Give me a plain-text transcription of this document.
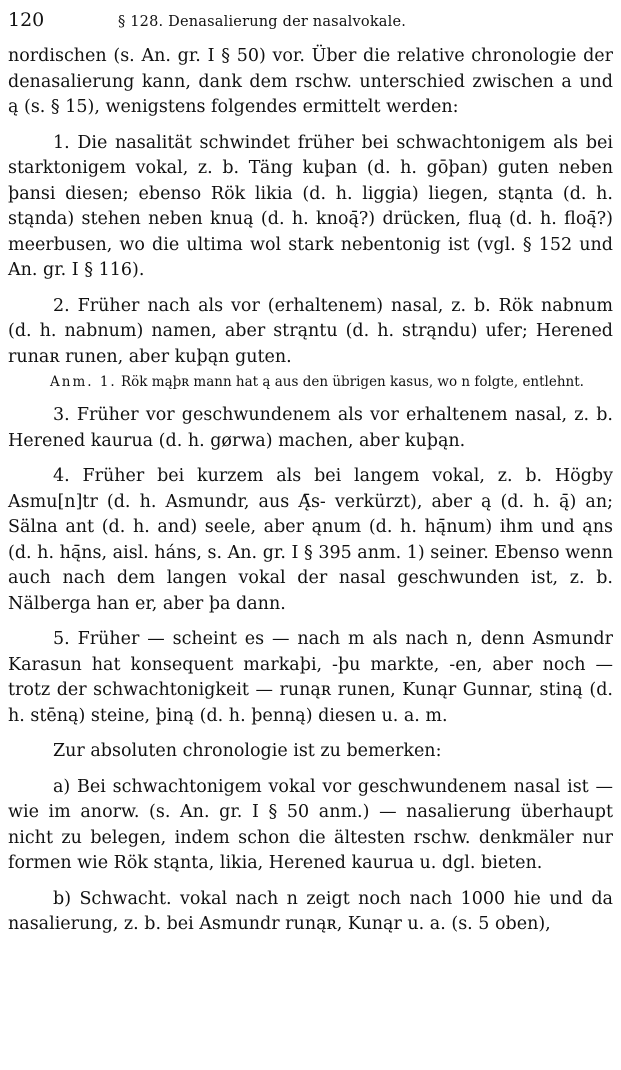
120	§ 128. Denasalierung der nasalvokale.

nordischen (s. An. gr. I § 50) vor. Über die relative chronologie der denasalierung kann, dank dem rschw. unterschied zwischen a und ą (s. § 15), wenigstens folgendes ermittelt werden:

1. Die nasalität schwindet früher bei schwachtonigem als bei starktonigem vokal, z. b. Täng kuþan (d. h. gōþan) guten neben þansi diesen; ebenso Rök likia (d. h. liggia) liegen, stąnta (d. h. stąnda) stehen neben knuą (d. h. knoą̄?) drücken, fluą (d. h. floą̄?) meerbusen, wo die ultima wol stark nebentonig ist (vgl. § 152 und An. gr. I § 116).

2. Früher nach als vor (erhaltenem) nasal, z. b. Rök nabnum (d. h. nabnum) namen, aber strąntu (d. h. strąndu) ufer; Herened runaʀ runen, aber kuþąn guten.

Anm. 1. Rök mąþʀ mann hat ą aus den übrigen kasus, wo n folgte, entlehnt.

3. Früher vor geschwundenem als vor erhaltenem nasal, z. b. Herened kaurua (d. h. gørwa) machen, aber kuþąn.

4. Früher bei kurzem als bei langem vokal, z. b. Högby Asmu[n]tr (d. h. Asmundr, aus Ą̄s- verkürzt), aber ą (d. h. ą̄) an; Sälna ant (d. h. and) seele, aber ąnum (d. h. hą̄num) ihm und ąns (d. h. hą̄ns, aisl. háns, s. An. gr. I § 395 anm. 1) seiner. Ebenso wenn auch nach dem langen vokal der nasal geschwunden ist, z. b. Nälberga han er, aber þa dann.

5. Früher — scheint es — nach m als nach n, denn Asmundr Karasun hat konsequent markaþi, -þu markte, -en, aber noch — trotz der schwachtonigkeit — runąʀ runen, Kunąr Gunnar, stiną (d. h. stēną) steine, þiną (d. h. þenną) diesen u. a. m.

Zur absoluten chronologie ist zu bemerken:

a) Bei schwachtonigem vokal vor geschwundenem nasal ist — wie im anorw. (s. An. gr. I § 50 anm.) — nasalierung überhaupt nicht zu belegen, indem schon die ältesten rschw. denkmäler nur formen wie Rök stąnta, likia, Herened kaurua u. dgl. bieten.

b) Schwacht. vokal nach n zeigt noch nach 1000 hie und da nasalierung, z. b. bei Asmundr runąʀ, Kunąr u. a. (s. 5 oben),
